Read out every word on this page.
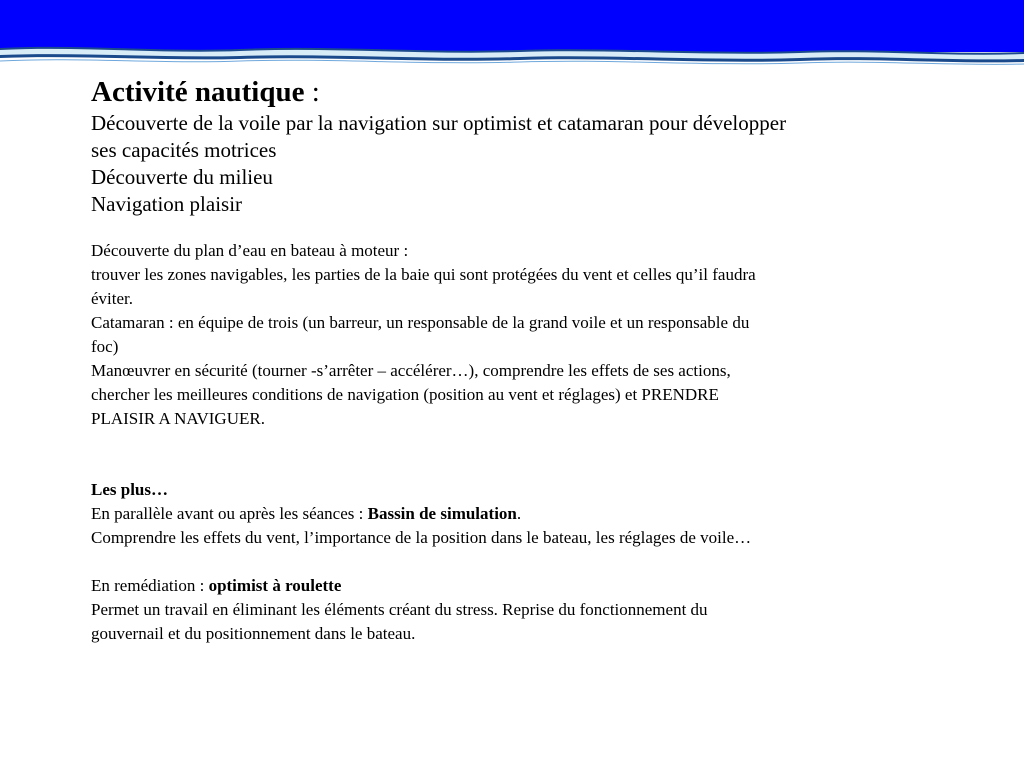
Activité nautique :

Découverte de la voile par la navigation sur optimist et catamaran pour développer

ses capacités motrices

Découverte du milieu

Navigation plaisir

Découverte du plan d’eau en bateau à moteur :

trouver les zones navigables, les parties de la baie qui sont protégées du vent et celles qu’il faudra

éviter.

Catamaran : en équipe de trois (un barreur, un responsable de la grand voile et un responsable du

foc)

Manœuvrer en sécurité (tourner -s’arrêter – accélérer…), comprendre les effets de ses actions,

chercher les meilleures conditions de navigation (position au vent et réglages) et PRENDRE

PLAISIR A NAVIGUER.

Les plus…

En parallèle avant ou après les séances : Bassin de simulation.

Comprendre les effets du vent, l’importance de la position dans le bateau, les réglages de voile…

En remédiation : optimist à roulette

Permet un travail en éliminant les éléments créant du stress. Reprise du fonctionnement du

gouvernail et du positionnement dans le bateau.
